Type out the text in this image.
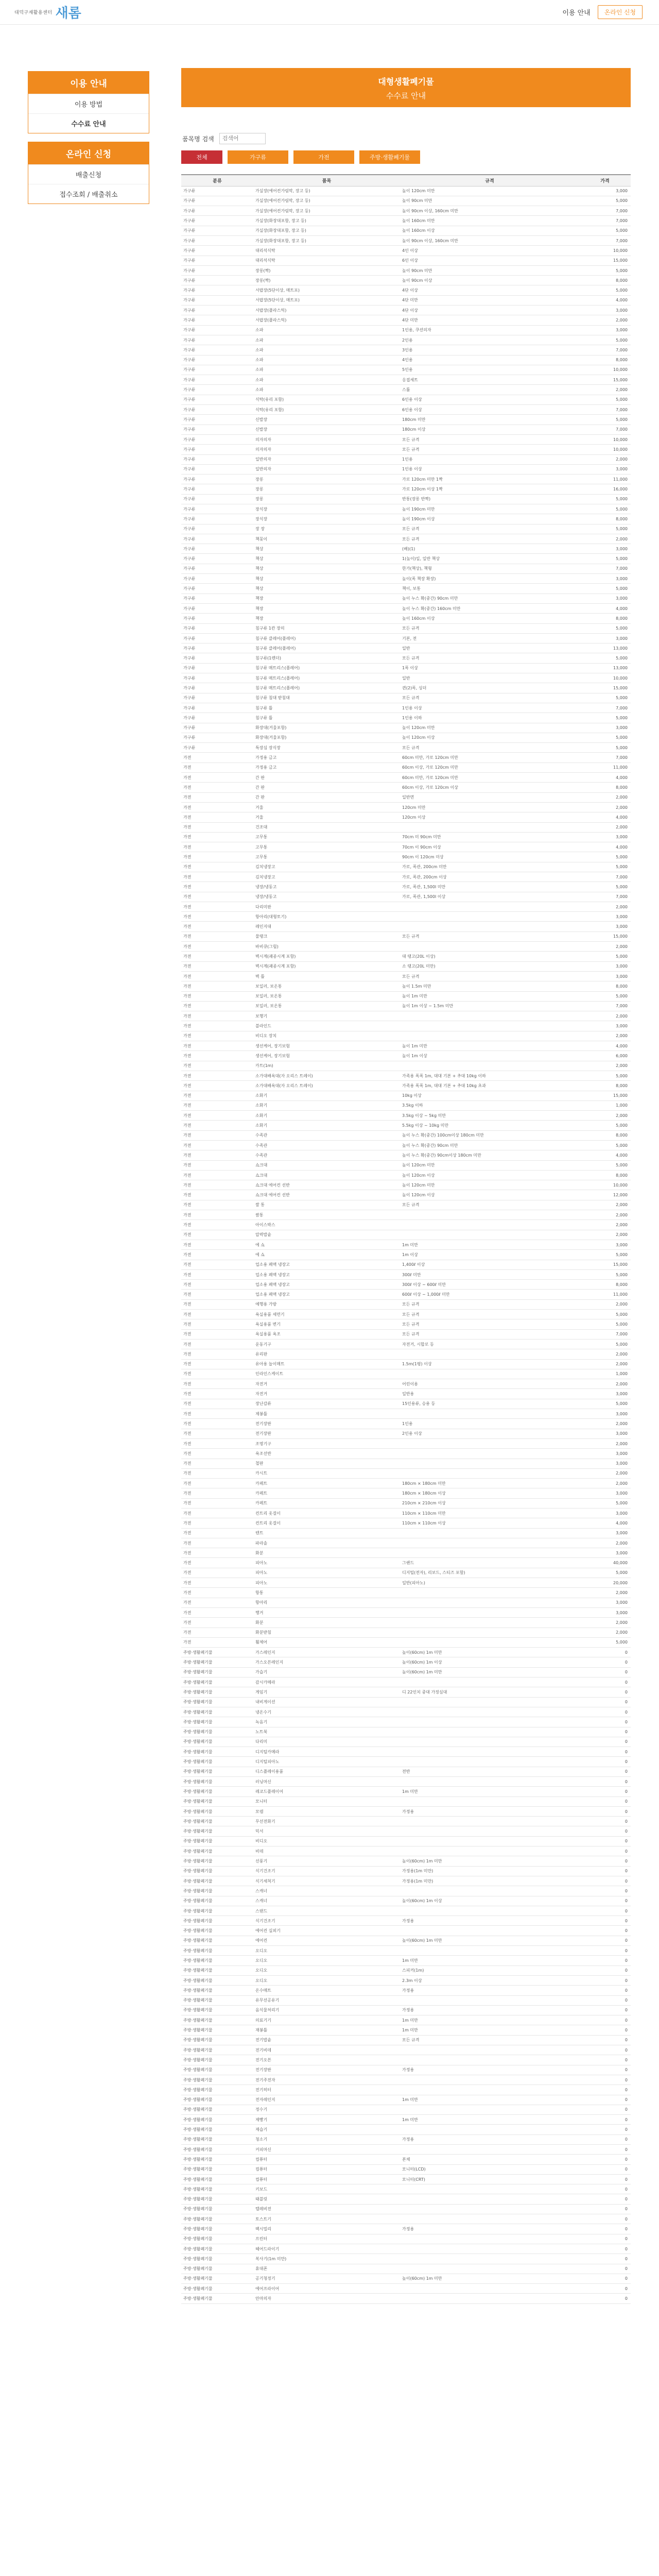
대덕구재활용센터 새롬	이용 안내	온라인 신청
이용 안내
이용 방법
수수료 안내
온라인 신청
배출신청
접수조회 / 배출취소
대형생활폐기물
수수료 안내
품목명 검색
검색어
전체	가구류	가전	주방·생활폐기물
분류	품목	규격	가격
가구류	가실장(에어컨가림막, 장고 등)	높이 120cm 미만	3,000
가구류	가실장(에어컨가림막, 장고 등)	높이 90cm 미만	5,000
가구류	가실장(에어컨가림막, 장고 등)	높이 90cm 이상, 160cm 미만	7,000
가구류	가실장(화장대포함, 장고 등)	높이 160cm 미만	7,000
가구류	가실장(화장대포함, 장고 등)	높이 160cm 이상	5,000
가구류	가실장(화장대포함, 장고 등)	높이 90cm 이상, 160cm 미만	7,000
가구류	대리석식탁	4인 이상	10,000
가구류	대리석식탁	6인 이상	15,000
가구류	장롱(짝)	높이 90cm 미만	5,000
가구류	장롱(짝)	높이 90cm 이상	8,000
가구류	서랍장(5단이상, 매트포)	4단 이상	5,000
가구류	서랍장(5단이상, 매트포)	4단 미만	4,000
가구류	서랍장(플라스틱)	4단 이상	3,000
가구류	서랍장(플라스틱)	4단 미만	2,000
가구류	소파	1인용, 쿠션의자	3,000
가구류	소파	2인용	5,000
가구류	소파	3인용	7,000
가구류	소파	4인용	8,000
가구류	소파	5인용	10,000
가구류	소파	응접세트	15,000
가구류	소파	스툴	2,000
가구류	식탁(유리 포함)	6인용 이상	5,000
가구류	식탁(유리 포함)	6인용 이상	7,000
가구류	신발장	180cm 미만	5,000
가구류	신발장	180cm 이상	7,000
가구류	의자의자	모든 규격	10,000
가구류	의자의자	모든 규격	10,000
가구류	일반의자	1인용	2,000
가구류	일반의자	1인용 이상	3,000
가구류	장롱	가로 120cm 미만 1짝	11,000
가구류	장롱	가로 120cm 이상 1짝	16,000
가구류	장롱	반통(장롱 반짝)	5,000
가구류	장식장	높이 190cm 미만	5,000
가구류	장식장	높이 190cm 이상	8,000
가구류	장 장	모든 규격	5,000
가구류	책꽂이	모든 규격	2,000
가구류	책상	(배)(1)	3,000
가구류	책상	1(높이)일, 일반 책상	5,000
가구류	책상	한가(책상), 책형	7,000
가구류	책상	높이(폭 책장 확장)	3,000
가구류	책상	책이, 보통	5,000
가구류	책장	높이 누스 확(중간) 90cm 미만	3,000
가구류	책장	높이 누스 확(중간) 160cm 미만	4,000
가구류	책장	높이 160cm 이상	8,000
가구류	침구류 1칸 장의	모든 규격	5,000
가구류	침구류 클레어(플레어)	기본, 전	3,000
가구류	침구류 클레어(플레어)	일반	13,000
가구류	침구류(1렌더)	모든 규격	5,000
가구류	침구류 매트리스(플레어)	1폭 이상	13,000
가구류	침구류 매트리스(플레어)	일반	10,000
가구류	침구류 매트리스(플레어)	퀸(2)폭, 싱더	15,000
가구류	침구류 침대 받침대	모든 규격	5,000
가구류	침구류 틀	1인용 이상	7,000
가구류	침구류 틀	1인용 이하	5,000
가구류	화장대(거울포함)	높이 120cm 미만	3,000
가구류	화장대(거울포함)	높이 120cm 이상	5,000
가구류	특장심 장식장	모든 규격	5,000
가전	가정용 금고	60cm 미만, 가로 120cm 미만	7,000
가전	가정용 금고	60cm 이상, 가로 120cm 미만	11,000
가전	간 판	60cm 미만, 가로 120cm 미만	4,000
가전	간 판	60cm 이상, 가로 120cm 이상	8,000
가전	간 판	일반면	2,000
가전	거울	120cm 미만	2,000
가전	거울	120cm 이상	4,000
가전	건조대		2,000
가전	고무통	70cm 미 90cm 미만	3,000
가전	고무통	70cm 이 90cm 이상	4,000
가전	고무통	90cm 이 120cm 미상	5,000
가전	김치냉장고	가로, 폭관, 200cm 미만	5,000
가전	김치냉장고	가로, 폭관, 200cm 이상	7,000
가전	냉장/냉동고	가로, 폭관, 1,500l 미만	5,000
가전	냉장/냉동고	가로, 폭관, 1,500l 이상	7,000
가전	다리미판		2,000
가전	항아리(대형토기)		3,000
가전	레인지대		3,000
가전	물탱크	모든 규격	15,000
가전	바비큐(그릴)		2,000
가전	벽시계(괘종시계 포함)	대 탱고(20L 이상)	5,000
가전	벽시계(괘종시계 포함)	소 탱고(20L 미만)	3,000
가전	벽 틀	모든 규격	3,000
가전	보일러, 보온통	높이 1.5m 미만	8,000
가전	보일러, 보온통	높이 1m 미만	5,000
가전	보일러, 보온통	높이 1m 이상 ~ 1.5m 미만	7,000
가전	보행기		2,000
가전	블라인드		3,000
가전	비디오 장치		2,000
가전	생선케어, 장기보험	높이 1m 미만	4,000
가전	생선케어, 장기보험	높이 1m 이상	6,000
가전	카트(1m)		2,000
가전	소가대배욕대(자 오리스 트레이)	가족용 폭폭 1m, 대대 기본 + 추대 10kg 이하	5,000
가전	소가대배욕대(자 오리스 트레이)	가족용 폭폭 1m, 대대 기본 + 추대 10kg 초과	8,000
가전	소화기	10kg 이상	15,000
가전	소화기	3.5kg 이하	1,000
가전	소화기	3.5kg 이상 ~ 5kg 미만	2,000
가전	소화기	5.5kg 이상 ~ 10kg 미만	5,000
가전	수족관	높이 누스 확(중간) 100cm이상 180cm 미만	8,000
가전	수족관	높이 누스 확(중간) 90cm 미만	5,000
가전	수족관	높이 누스 확(중간) 90cm이상 180cm 미만	4,000
가전	쇼크대	높이 120cm 미만	5,000
가전	쇼크대	높이 120cm 이상	8,000
가전	쇼크대 에어컨 선반	높이 120cm 미만	10,000
가전	쇼크대 에어컨 선반	높이 120cm 이상	12,000
가전	쌀 통	모든 규격	2,000
가전	쌈통		2,000
가전	아이스박스		2,000
가전	압력밥솥		2,000
가전	에 쇼	1m 미만	3,000
가전	에 쇼	1m 이상	5,000
가전	업소용 폐액 냉장고	1,400ℓ 이상	15,000
가전	업소용 폐액 냉장고	300ℓ 미만	5,000
가전	업소용 폐액 냉장고	300ℓ 이상 ~ 600ℓ 미만	8,000
가전	업소용 폐액 냉장고	600ℓ 이상 ~ 1,000ℓ 미만	11,000
가전	예행용 가방	모든 규격	2,000
가전	욕실용품 세면기	모든 규격	5,000
가전	욕실용품 변기	모든 규격	5,000
가전	욕실용품 욕조	모든 규격	7,000
가전	운동기구	자전거, 시합로 등	5,000
가전	유리판		2,000
가전	유아용 놀이매트	1.5m(1평) 이상	2,000
가전	인라인스케이트		1,000
가전	자전거	어린이용	2,000
가전	자전거	일반용	3,000
가전	장난감류	15인용류, 승용 등	5,000
가전	제봉틀		3,000
가전	전기장판	1인용	2,000
가전	전기장판	2인용 이상	3,000
가전	조명기구		2,000
가전	욕조선반		3,000
가전	철판		3,000
가전	카시트		2,000
가전	카페트	180cm × 180cm 미만	2,000
가전	카페트	180cm × 180cm 이상	3,000
가전	카페트	210cm × 210cm 이상	5,000
가전	컨트리 옷걸이	110cm × 110cm 미만	3,000
가전	컨트리 옷걸이	110cm × 110cm 이상	4,000
가전	텐트		3,000
가전	파라솔		2,000
가전	화분		3,000
가전	피아노	그랜드	40,000
가전	피아노	디지털(전자), 리보드, 스티즈 포함)	5,000
가전	피아노	일반(피아노)	20,000
가전	항통		2,000
가전	항아리		3,000
가전	행거		3,000
가전	화분		2,000
가전	화분받침		2,000
가전	휠체어		5,000
주방·생활폐기물	가스레인지	높이(60cm) 1m 미만	0
주방·생활폐기물	가스오븐레인지	높이(60cm) 1m 이상	0
주방·생활폐기물	가습기	높이(60cm) 1m 미만	0
주방·생활폐기물	감시카메라		0
주방·생활폐기물	게임기	디 22인치 중대 가정심대	0
주방·생활폐기물	내비게이션		0
주방·생활폐기물	냉온수기		0
주방·생활폐기물	녹음기		0
주방·생활폐기물	노트북		0
주방·생활폐기물	다리미		0
주방·생활폐기물	디지털카메라		0
주방·생활폐기물	디지털피아노		0
주방·생활폐기물	디스플레이용품	전반	0
주방·생활폐기물	러닝머신		0
주방·생활폐기물	레코드플레이어	1m 미만	0
주방·생활폐기물	모니터		0
주방·생활폐기물	모뎀	가정용	0
주방·생활폐기물	무선전화기		0
주방·생활폐기물	믹서		0
주방·생활폐기물	비디오		0
주방·생활폐기물	비데		0
주방·생활폐기물	선풍기	높이(60cm) 1m 미만	0
주방·생활폐기물	식기건조기	가정용(1m 미만)	0
주방·생활폐기물	식기세척기	가정용(1m 미만)	0
주방·생활폐기물	스캐너		0
주방·생활폐기물	스캐너	높이(60cm) 1m 이상	0
주방·생활폐기물	스탠드		0
주방·생활폐기물	식기건조기	가정용	0
주방·생활폐기물	에어컨 실외기		0
주방·생활폐기물	에어컨	높이(60cm) 1m 미만	0
주방·생활폐기물	오디오		0
주방·생활폐기물	오디오	1m 미만	0
주방·생활폐기물	오디오	스피커(1m)	0
주방·생활폐기물	오디오	2.3m 이상	0
주방·생활폐기물	온수매트	가정용	0
주방·생활폐기물	유무선공유기		0
주방·생활폐기물	음식물처리기	가정용	0
주방·생활폐기물	의료기기	1m 미만	0
주방·생활폐기물	재봉틀	1m 미만	0
주방·생활폐기물	전기밥솥	모든 규격	0
주방·생활폐기물	전기비데		0
주방·생활폐기물	전기오븐		0
주방·생활폐기물	전기장판	가정용	0
주방·생활폐기물	전기주전자		0
주방·생활폐기물	전기히터		0
주방·생활폐기물	전자레인지	1m 미만	0
주방·생활폐기물	정수기		0
주방·생활폐기물	제빵기	1m 미만	0
주방·생활폐기물	제습기		0
주방·생활폐기물	청소기	가정용	0
주방·생활폐기물	커피머신		0
주방·생활폐기물	컴퓨터	본체	0
주방·생활폐기물	컴퓨터	모니터(LCD)	0
주방·생활폐기물	컴퓨터	모니터(CRT)	0
주방·생활폐기물	키보드		0
주방·생활폐기물	태블릿		0
주방·생활폐기물	텔레비전		0
주방·생활폐기물	토스트기		0
주방·생활폐기물	팩시밀리	가정용	0
주방·생활폐기물	프린터		0
주방·생활폐기물	헤어드라이기		0
주방·생활폐기물	복사기(1m 미만)		0
주방·생활폐기물	휴대폰		0
주방·생활폐기물	공기청정기	높이(60cm) 1m 미만	0
주방·생활폐기물	에어프라이어		0
주방·생활폐기물	안마의자		0
